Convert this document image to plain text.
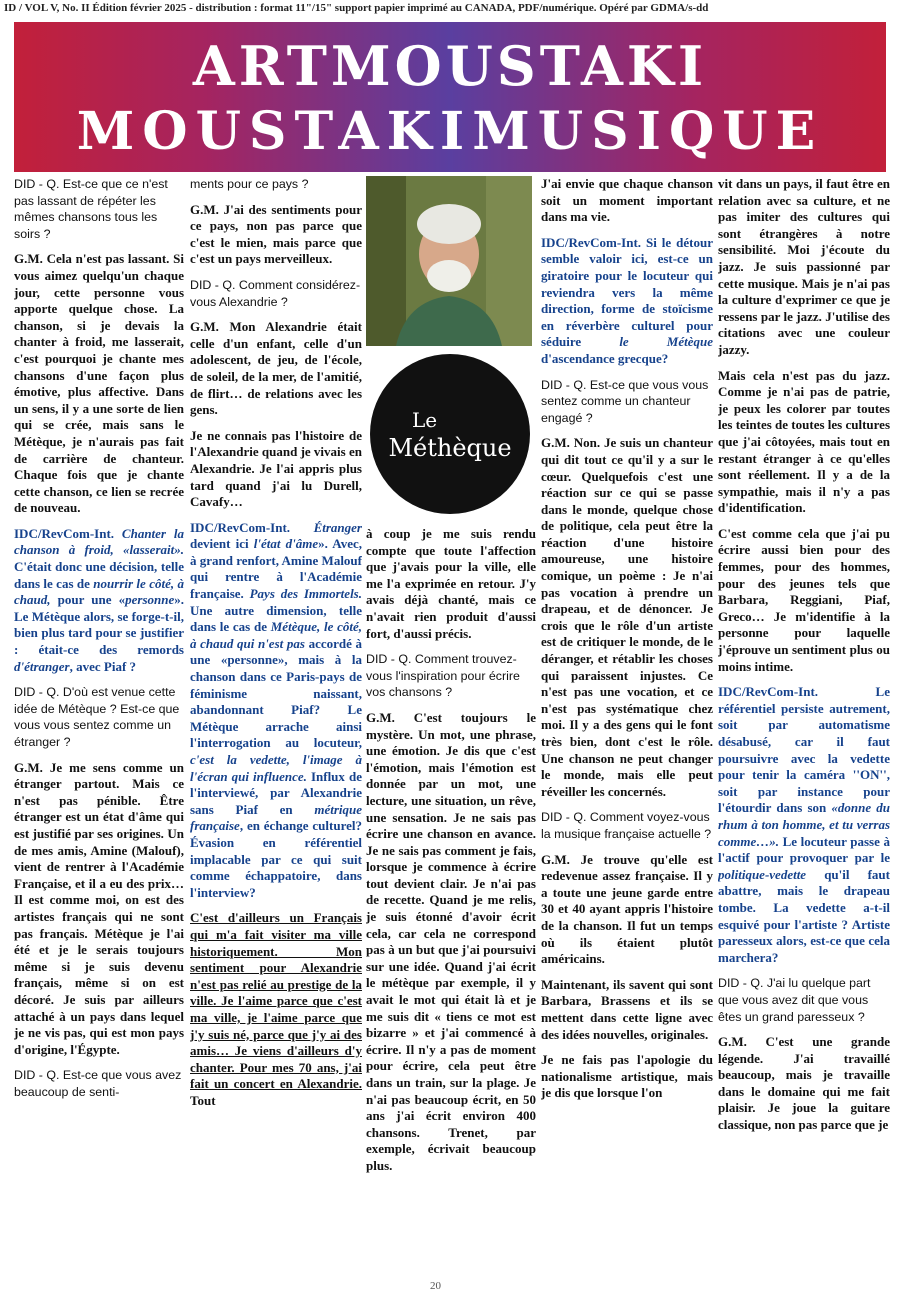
ID / VOL V, No. II Édition février 2025 - distribution : format 11"/15" support papier imprimé au CANADA, PDF/numérique. Opéré par GDMA/s-dd
ARTMOUSTAKI
MOUSTAKIMUSIQUE

DID - Q. Est-ce que ce n'est pas lassant de répéter les mêmes chansons tous les soirs ?

G.M. Cela n'est pas lassant. Si vous aimez quelqu'un chaque jour, cette personne vous apporte quelque chose. La chanson, si je devais la chanter à froid, me lasserait, c'est pourquoi je chante mes chansons d'une façon plus émotive, plus affective. Dans un sens, il y a une sorte de lien qui se crée, mais sans le Métèque, je n'aurais pas fait de carrière de chanteur. Chaque fois que je chante cette chanson, ce lien se recrée de nouveau.

IDC/RevCom-Int. Chanter la chanson à froid, «lasserait». C'était donc une décision, telle dans le cas de nourrir le côté, à chaud, pour une «personne». Le Métèque alors, se forge-t-il, bien plus tard pour se justifier : était-ce des remords d'étranger, avec Piaf ?

DID - Q. D'où est venue cette idée de Métèque ? Est-ce que vous vous sentez comme un étranger ?

G.M. Je me sens comme un étranger partout. Mais ce n'est pas pénible. Être étranger est un état d'âme qui est justifié par ses origines. Un de mes amis, Amine (Malouf), vient de rentrer à l'Académie Française, et il a eu des prix… Il est comme moi, on est des artistes français qui ne sont pas français. Métèque je l'ai été et je le serais toujours même si je suis devenu français, même si on est décoré. Je suis par ailleurs attaché à un pays dans lequel je ne vis pas, qui est mon pays d'origine, l'Égypte.

DID - Q. Est-ce que vous avez beaucoup de senti-

ments pour ce pays ?

G.M. J'ai des sentiments pour ce pays, non pas parce que c'est le mien, mais parce que c'est un pays merveilleux.

DID - Q. Comment considérez-vous Alexandrie ?

G.M. Mon Alexandrie était celle d'un enfant, celle d'un adolescent, de jeu, de l'école, de soleil, de la mer, de l'amitié, de flirt… de relations avec les gens.

Je ne connais pas l'histoire de l'Alexandrie quand je vivais en Alexandrie. Je l'ai appris plus tard quand j'ai lu Durell, Cavafy…

IDC/RevCom-Int. Étranger devient ici l'état d'âme». Avec, à grand renfort, Amine Malouf qui rentre à l'Académie française. Pays des Immortels. Une autre dimension, telle dans le cas de Métèque, le côté, à chaud qui n'est pas accordé à une «personne», mais à la chanson dans ce Paris-pays de féminisme naissant, abandonnant Piaf? Le Métèque arrache ainsi l'interrogation au locuteur, c'est la vedette, l'image à l'écran qui influence. Influx de l'interviewé, par Alexandrie sans Piaf en métrique française, en échange culturel? Évasion en référentiel implacable par ce qui suit comme échappatoire, dans l'interview?

C'est d'ailleurs un Français qui m'a fait visiter ma ville historiquement. Mon sentiment pour Alexandrie n'est pas relié au prestige de la ville. Je l'aime parce que c'est ma ville, je l'aime parce que j'y suis né, parce que j'y ai des amis… Je viens d'ailleurs d'y chanter. Pour mes 70 ans, j'ai fait un concert en Alexandrie. Tout

Le
Méthèque

à coup je me suis rendu compte que toute l'affection que j'avais pour la ville, elle me l'a exprimée en retour. J'y avais déjà chanté, mais ce n'avait rien produit d'aussi fort, d'aussi précis.

DID - Q. Comment trouvez-vous l'inspiration pour écrire vos chansons ?

G.M. C'est toujours le mystère. Un mot, une phrase, une émotion. Je dis que c'est l'émotion, mais l'émotion est donnée par un mot, une lecture, une situation, un rêve, une sensation. Je ne sais pas écrire une chanson en avance. Je ne sais pas comment je fais, lorsque je commence à écrire tout devient clair. Je n'ai pas de recette. Quand je me relis, je suis étonné d'avoir écrit cela, car cela ne correspond pas à un but que j'ai poursuivi sur une idée. Quand j'ai écrit le métèque par exemple, il y avait le mot qui était là et je me suis dit « tiens ce mot est bizarre » et j'ai commencé à écrire. Il n'y a pas de moment pour écrire, cela peut être dans un train, sur la plage. Je n'ai pas beaucoup écrit, en 50 ans j'ai écrit environ 400 chansons. Trenet, par exemple, écrivait beaucoup plus.

J'ai envie que chaque chanson soit un moment important dans ma vie.

IDC/RevCom-Int. Si le détour semble valoir ici, est-ce un giratoire pour le locuteur qui reviendra vers la même direction, forme de stoïcisme en réverbère culturel pour séduire le Métèque d'ascendance grecque?

DID - Q. Est-ce que vous vous sentez comme un chanteur engagé ?

G.M. Non. Je suis un chanteur qui dit tout ce qu'il y a sur le cœur. Quelquefois c'est une réaction sur ce qui se passe dans le monde, quelque chose de politique, cela peut être la réaction d'une histoire amoureuse, une histoire comique, un poème : Je n'ai pas vocation à prendre un drapeau, et de dénoncer. Je crois que le rôle d'un artiste est de critiquer le monde, de le déranger, et rétablir les choses qui paraissent injustes. Ce n'est pas une vocation, et ce n'est pas systématique chez moi. Il y a des gens qui le font très bien, dont c'est le rôle. Une chanson ne peut changer le monde, mais elle peut réveiller les concernés.

DID - Q. Comment voyez-vous la musique française actuelle ?

G.M. Je trouve qu'elle est redevenue assez française. Il y a toute une jeune garde entre 30 et 40 ayant appris l'histoire de la chanson. Il fut un temps où ils étaient plutôt américains.

Maintenant, ils savent qui sont Barbara, Brassens et ils se mettent dans cette ligne avec des idées nouvelles, originales.

Je ne fais pas l'apologie du nationalisme artistique, mais je dis que lorsque l'on

vit dans un pays, il faut être en relation avec sa culture, et ne pas imiter des cultures qui sont étrangères à notre sensibilité. Moi j'écoute du jazz. Je suis passionné par cette musique. Mais je n'ai pas la culture d'exprimer ce que je ressens par le jazz. J'utilise des citations avec une couleur jazzy.

Mais cela n'est pas du jazz. Comme je n'ai pas de patrie, je peux les colorer par toutes les teintes de toutes les cultures que j'ai côtoyées, mais tout en restant étranger à ce qu'elles sont réellement. Il y a de la sympathie, mais il n'y a pas d'identification.

C'est comme cela que j'ai pu écrire aussi bien pour des femmes, pour des hommes, pour des jeunes tels que Barbara, Reggiani, Piaf, Greco… Je m'identifie à la personne pour laquelle j'éprouve un sentiment plus ou moins intime.

IDC/RevCom-Int. Le référentiel persiste autrement, soit par automatisme désabusé, car il faut poursuivre avec la vedette pour tenir la caméra ''ON'', soit par instance pour l'étourdir dans son «donne du rhum à ton homme, et tu verras comme…». Le locuteur passe à l'actif pour provoquer par le politique-vedette qu'il faut abattre, mais le drapeau tombe. La vedette a-t-il esquivé pour l'artiste ? Artiste paresseux alors, est-ce que cela marchera?

DID - Q. J'ai lu quelque part que vous avez dit que vous êtes un grand paresseux ?

G.M. C'est une grande légende. J'ai travaillé beaucoup, mais je travaille dans le domaine qui me fait plaisir. Je joue la guitare classique, non pas parce que je

20
